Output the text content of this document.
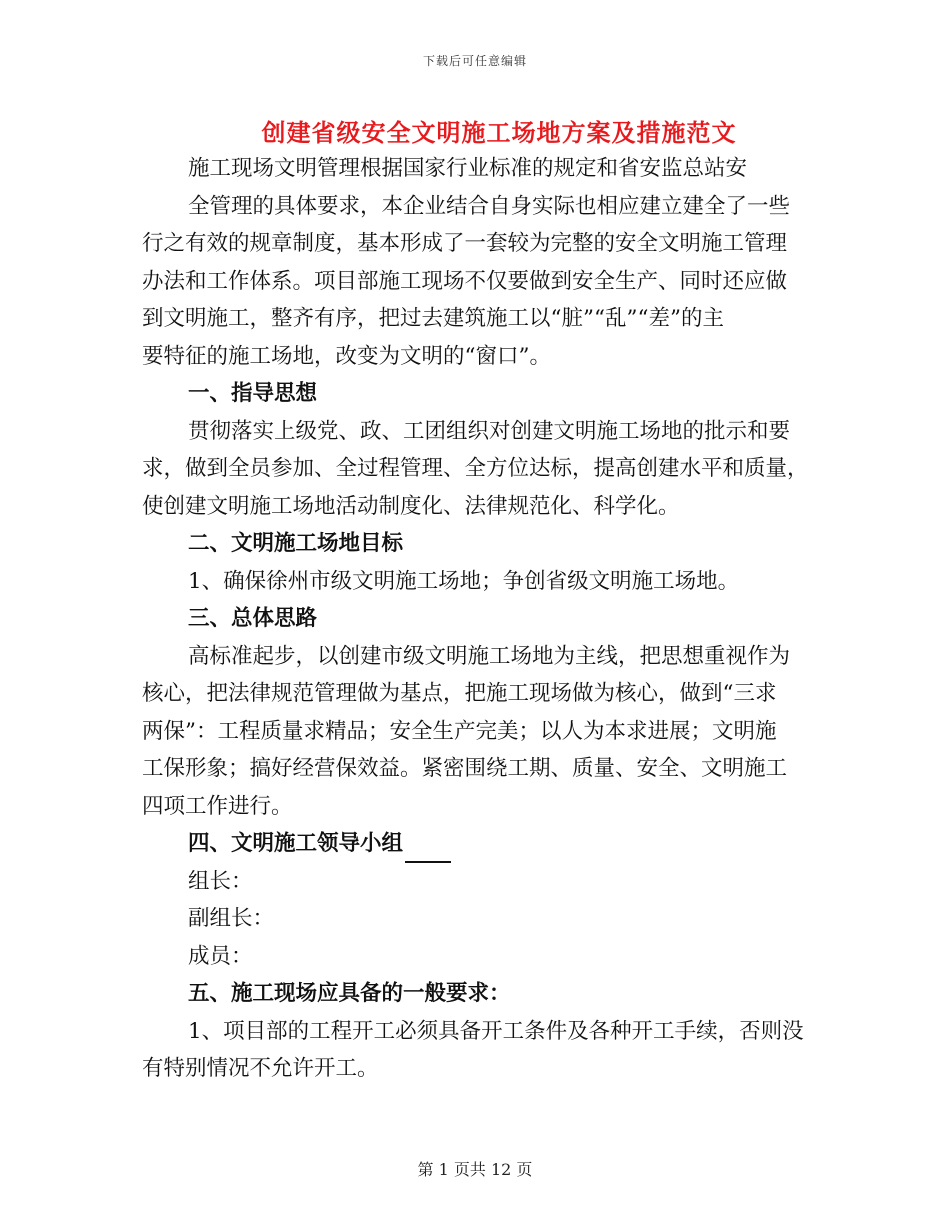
下载后可任意编辑
创建省级安全文明施工场地方案及措施范文
施工现场文明管理根据国家行业标准的规定和省安监总站安
全管理的具体要求，本企业结合自身实际也相应建立建全了一些
行之有效的规章制度，基本形成了一套较为完整的安全文明施工管理
办法和工作体系。项目部施工现场不仅要做到安全生产、同时还应做
到文明施工，整齐有序，把过去建筑施工以“脏”“乱”“差”的主
要特征的施工场地，改变为文明的“窗口”。
一、指导思想
贯彻落实上级党、政、工团组织对创建文明施工场地的批示和要
求，做到全员参加、全过程管理、全方位达标，提高创建水平和质量，
使创建文明施工场地活动制度化、法律规范化、科学化。
二、文明施工场地目标
1、确保徐州市级文明施工场地；争创省级文明施工场地。
三、总体思路
高标准起步，以创建市级文明施工场地为主线，把思想重视作为
核心，把法律规范管理做为基点，把施工现场做为核心，做到“三求
两保”：工程质量求精品；安全生产完美；以人为本求进展；文明施
工保形象；搞好经营保效益。紧密围绕工期、质量、安全、文明施工
四项工作进行。
四、文明施工领导小组
组长：
副组长：
成员：
五、施工现场应具备的一般要求：
1、项目部的工程开工必须具备开工条件及各种开工手续，否则没
有特别情况不允许开工。
第 1 页共 12 页
